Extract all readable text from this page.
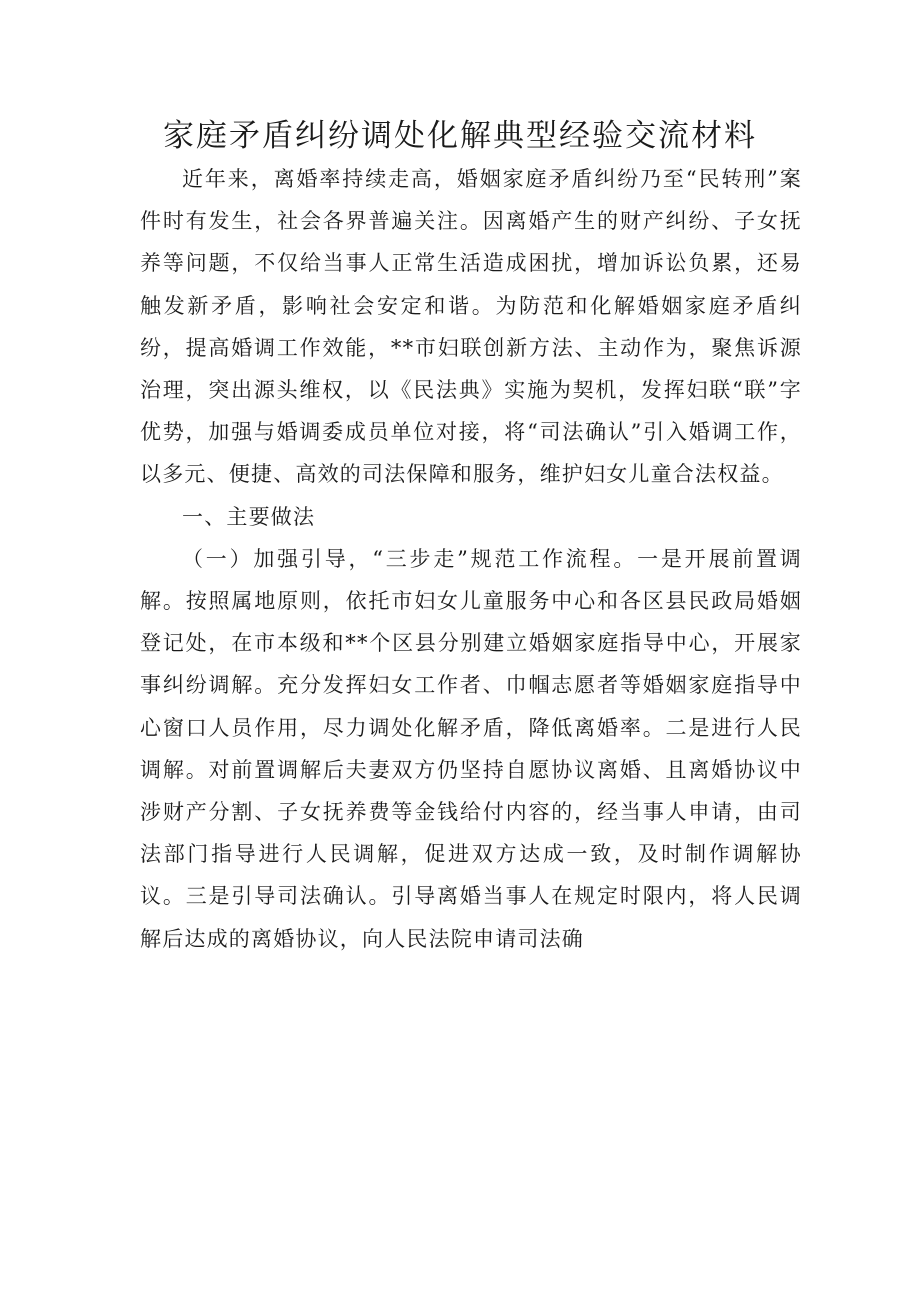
家庭矛盾纠纷调处化解典型经验交流材料

近年来，离婚率持续走高，婚姻家庭矛盾纠纷乃至“民转刑”案件时有发生，社会各界普遍关注。因离婚产生的财产纠纷、子女抚养等问题，不仅给当事人正常生活造成困扰，增加诉讼负累，还易触发新矛盾，影响社会安定和谐。为防范和化解婚姻家庭矛盾纠纷，提高婚调工作效能，**市妇联创新方法、主动作为，聚焦诉源治理，突出源头维权，以《民法典》实施为契机，发挥妇联“联”字优势，加强与婚调委成员单位对接，将“司法确认”引入婚调工作，以多元、便捷、高效的司法保障和服务，维护妇女儿童合法权益。

一、主要做法

（一）加强引导，“三步走”规范工作流程。一是开展前置调解。按照属地原则，依托市妇女儿童服务中心和各区县民政局婚姻登记处，在市本级和**个区县分别建立婚姻家庭指导中心，开展家事纠纷调解。充分发挥妇女工作者、巾帼志愿者等婚姻家庭指导中心窗口人员作用，尽力调处化解矛盾，降低离婚率。二是进行人民调解。对前置调解后夫妻双方仍坚持自愿协议离婚、且离婚协议中涉财产分割、子女抚养费等金钱给付内容的，经当事人申请，由司法部门指导进行人民调解，促进双方达成一致，及时制作调解协议。三是引导司法确认。引导离婚当事人在规定时限内，将人民调解后达成的离婚协议，向人民法院申请司法确
